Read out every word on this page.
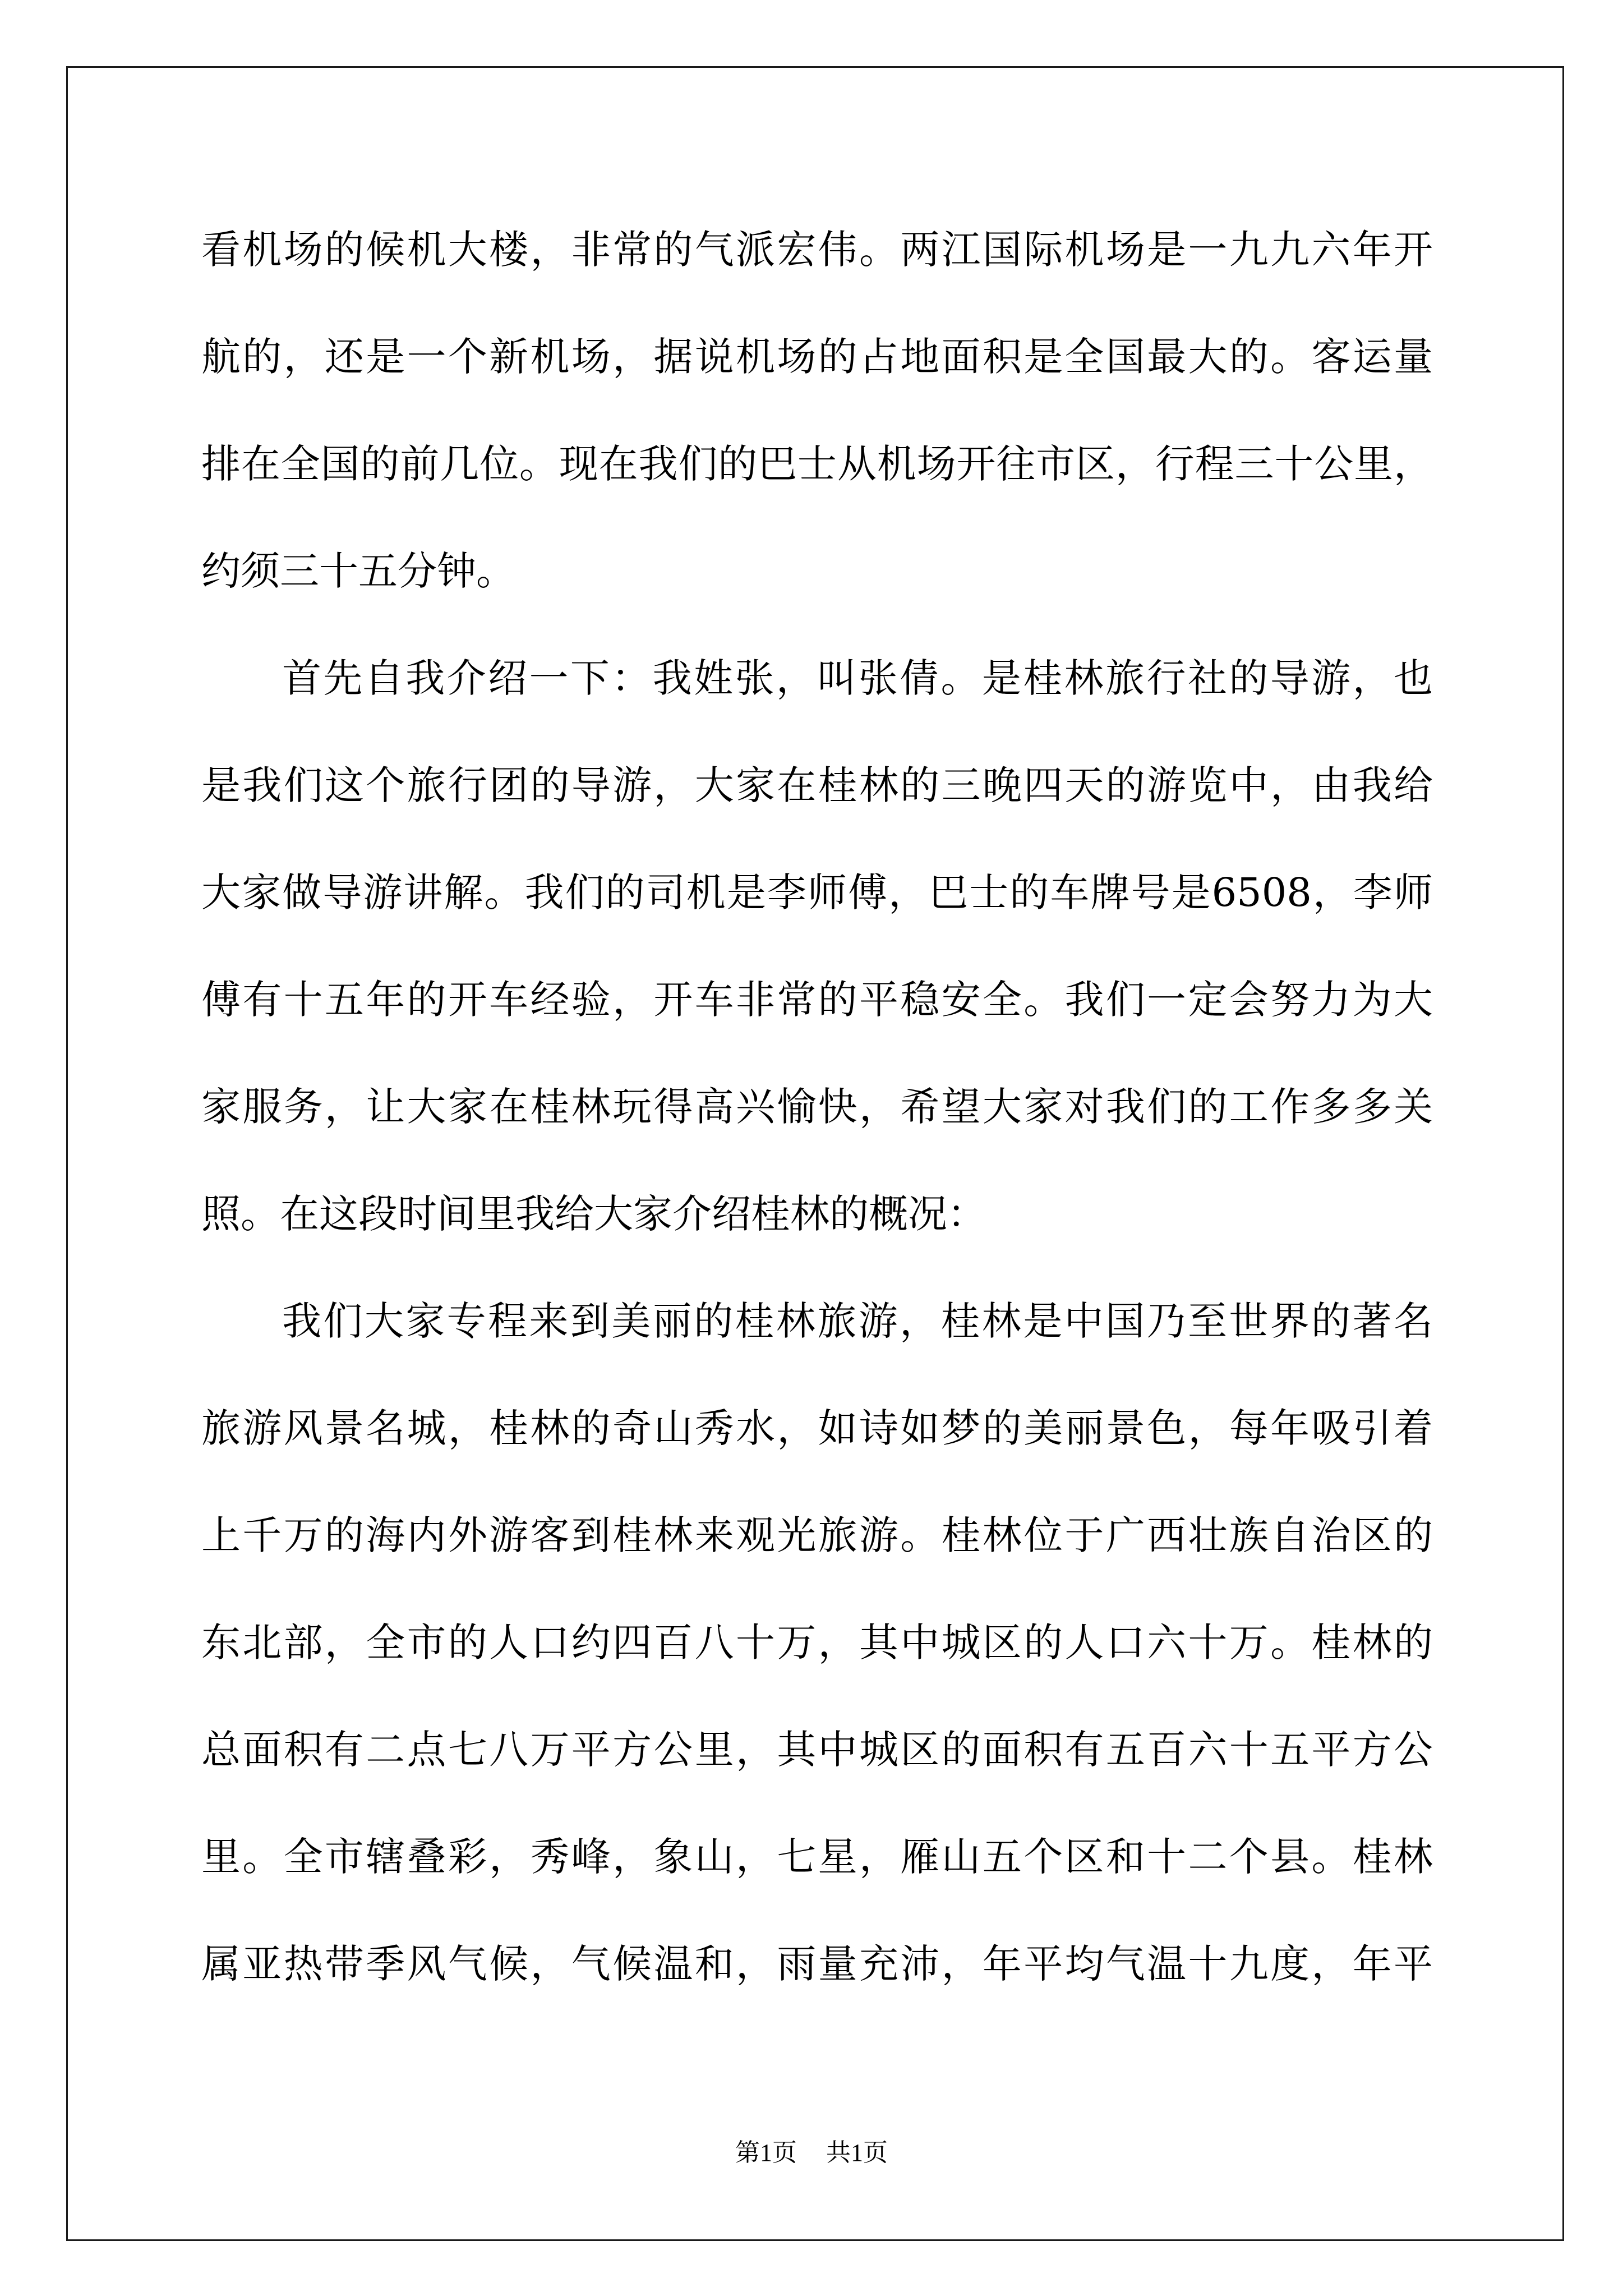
看机场的候机大楼，非常的气派宏伟。两江国际机场是一九九六年开
航的，还是一个新机场，据说机场的占地面积是全国最大的。客运量
排在全国的前几位。现在我们的巴士从机场开往市区，行程三十公里，
约须三十五分钟。
首先自我介绍一下：我姓张，叫张倩。是桂林旅行社的导游，也
是我们这个旅行团的导游，大家在桂林的三晚四天的游览中，由我给
大家做导游讲解。我们的司机是李师傅，巴士的车牌号是6508，李师
傅有十五年的开车经验，开车非常的平稳安全。我们一定会努力为大
家服务，让大家在桂林玩得高兴愉快，希望大家对我们的工作多多关
照。在这段时间里我给大家介绍桂林的概况：
我们大家专程来到美丽的桂林旅游，桂林是中国乃至世界的著名
旅游风景名城，桂林的奇山秀水，如诗如梦的美丽景色，每年吸引着
上千万的海内外游客到桂林来观光旅游。桂林位于广西壮族自治区的
东北部，全市的人口约四百八十万，其中城区的人口六十万。桂林的
总面积有二点七八万平方公里，其中城区的面积有五百六十五平方公
里。全市辖叠彩，秀峰，象山，七星，雁山五个区和十二个县。桂林
属亚热带季风气候，气候温和，雨量充沛，年平均气温十九度，年平
第1页 共1页
